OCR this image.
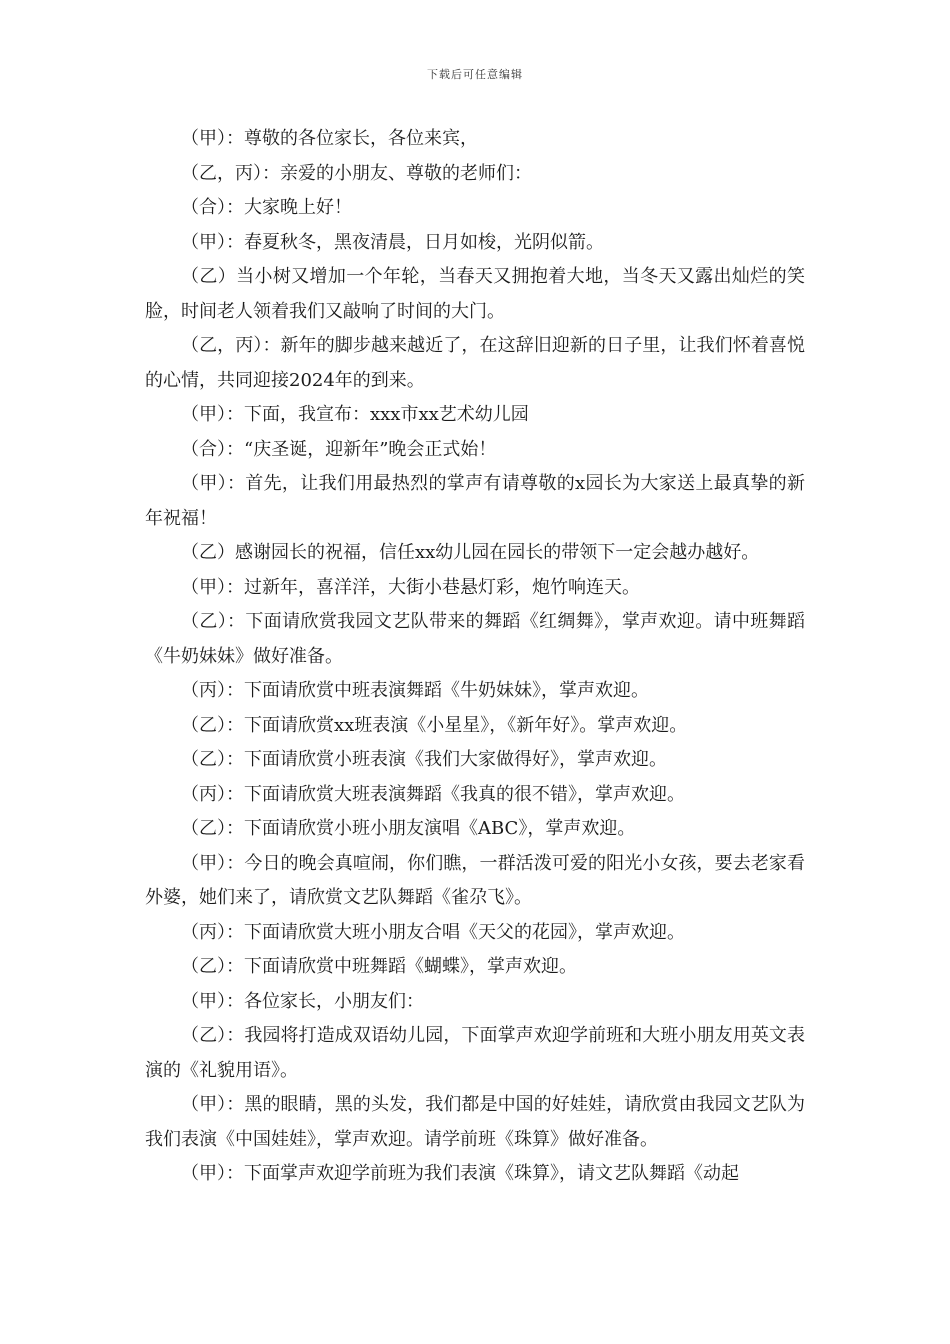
下载后可任意编辑

（甲）：尊敬的各位家长，各位来宾，

（乙，丙）：亲爱的小朋友、尊敬的老师们：

（合）：大家晚上好！

（甲）：春夏秋冬，黑夜清晨，日月如梭，光阴似箭。

（乙）当小树又增加一个年轮，当春天又拥抱着大地，当冬天又露出灿烂的笑脸，时间老人领着我们又敲响了时间的大门。

（乙，丙）：新年的脚步越来越近了，在这辞旧迎新的日子里，让我们怀着喜悦的心情，共同迎接2024年的到来。

（甲）：下面，我宣布：xxx市xx艺术幼儿园

（合）：“庆圣诞，迎新年”晚会正式始！

（甲）：首先，让我们用最热烈的掌声有请尊敬的x园长为大家送上最真挚的新年祝福！

（乙）感谢园长的祝福，信任xx幼儿园在园长的带领下一定会越办越好。

（甲）：过新年，喜洋洋，大街小巷悬灯彩，炮竹响连天。

（乙）：下面请欣赏我园文艺队带来的舞蹈《红绸舞》，掌声欢迎。请中班舞蹈《牛奶妹妹》做好准备。

（丙）：下面请欣赏中班表演舞蹈《牛奶妹妹》，掌声欢迎。

（乙）：下面请欣赏xx班表演《小星星》，《新年好》。掌声欢迎。

（乙）：下面请欣赏小班表演《我们大家做得好》，掌声欢迎。

（丙）：下面请欣赏大班表演舞蹈《我真的很不错》，掌声欢迎。

（乙）：下面请欣赏小班小朋友演唱《ABC》，掌声欢迎。

（甲）：今日的晚会真喧闹，你们瞧，一群活泼可爱的阳光小女孩，要去老家看外婆，她们来了，请欣赏文艺队舞蹈《雀尕飞》。

（丙）：下面请欣赏大班小朋友合唱《天父的花园》，掌声欢迎。

（乙）：下面请欣赏中班舞蹈《蝴蝶》，掌声欢迎。

（甲）：各位家长，小朋友们：

（乙）：我园将打造成双语幼儿园，下面掌声欢迎学前班和大班小朋友用英文表演的《礼貌用语》。

（甲）：黑的眼睛，黑的头发，我们都是中国的好娃娃，请欣赏由我园文艺队为我们表演《中国娃娃》，掌声欢迎。请学前班《珠算》做好准备。

（甲）：下面掌声欢迎学前班为我们表演《珠算》，请文艺队舞蹈《动起
